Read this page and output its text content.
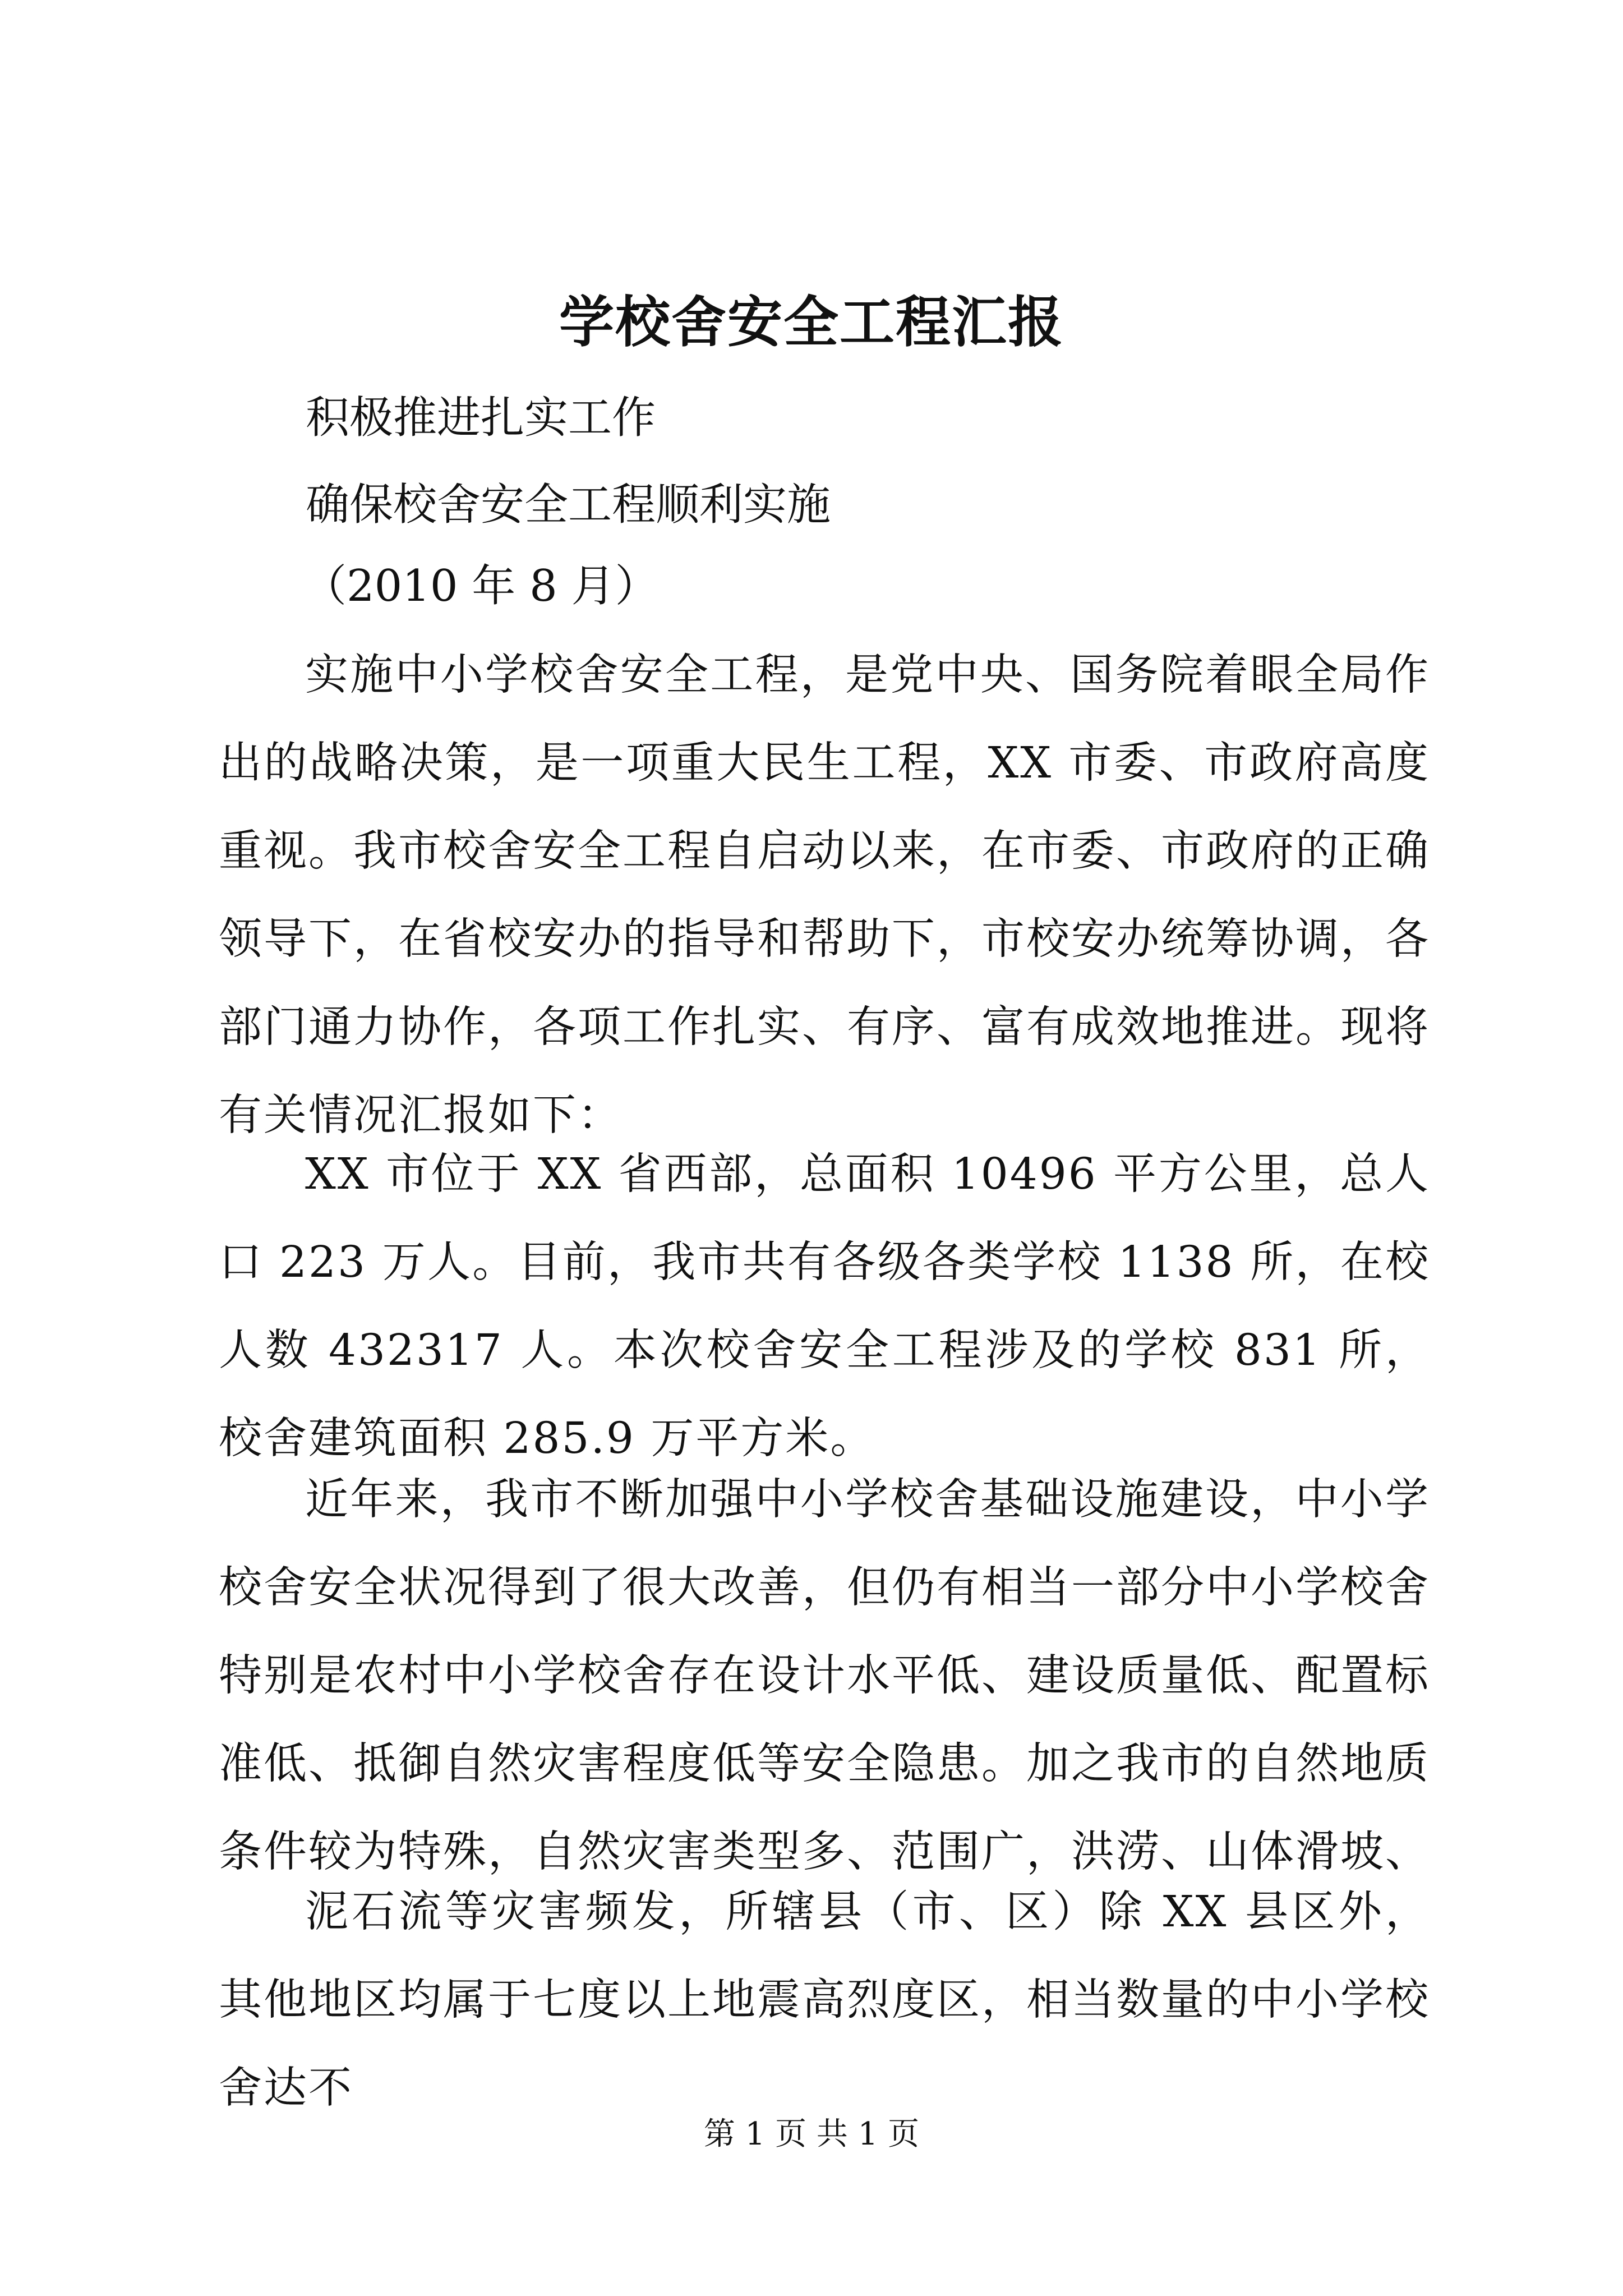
学校舍安全工程汇报
积极推进扎实工作
确保校舍安全工程顺利实施
（2010 年 8 月）

实施中小学校舍安全工程，是党中央、国务院着眼全局作出的战略决策，是一项重大民生工程，XX 市委、市政府高度重视。我市校舍安全工程自启动以来，在市委、市政府的正确领导下，在省校安办的指导和帮助下，市校安办统筹协调，各部门通力协作，各项工作扎实、有序、富有成效地推进。现将有关情况汇报如下：

XX 市位于 XX 省西部，总面积 10496 平方公里，总人口 223 万人。目前，我市共有各级各类学校 1138 所，在校人数 432317 人。本次校舍安全工程涉及的学校 831 所，校舍建筑面积 285.9 万平方米。

近年来，我市不断加强中小学校舍基础设施建设，中小学校舍安全状况得到了很大改善，但仍有相当一部分中小学校舍特别是农村中小学校舍存在设计水平低、建设质量低、配置标准低、抵御自然灾害程度低等安全隐患。加之我市的自然地质条件较为特殊，自然灾害类型多、范围广，洪涝、山体滑坡、

泥石流等灾害频发，所辖县（市、区）除 XX 县区外，其他地区均属于七度以上地震高烈度区，相当数量的中小学校舍达不

第 1 页 共 1 页
